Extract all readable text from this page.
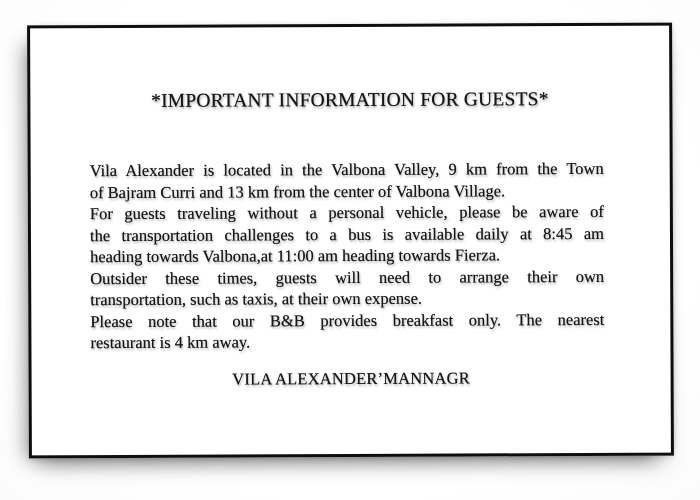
*IMPORTANT INFORMATION FOR GUESTS*

Vila Alexander is located in the Valbona Valley, 9 km from the Town
of Bajram Curri and 13 km from the center of Valbona Village.

For guests traveling without a personal vehicle, please be aware of
the transportation challenges to a bus is available daily at 8:45 am
heading towards Valbona,at 11:00 am heading towards Fierza.

Outsider these times, guests will need to arrange their own
transportation, such as taxis, at their own expense.

Please note that our B&B provides breakfast only. The nearest
restaurant is 4 km away.

VILA ALEXANDER’MANNAGR
